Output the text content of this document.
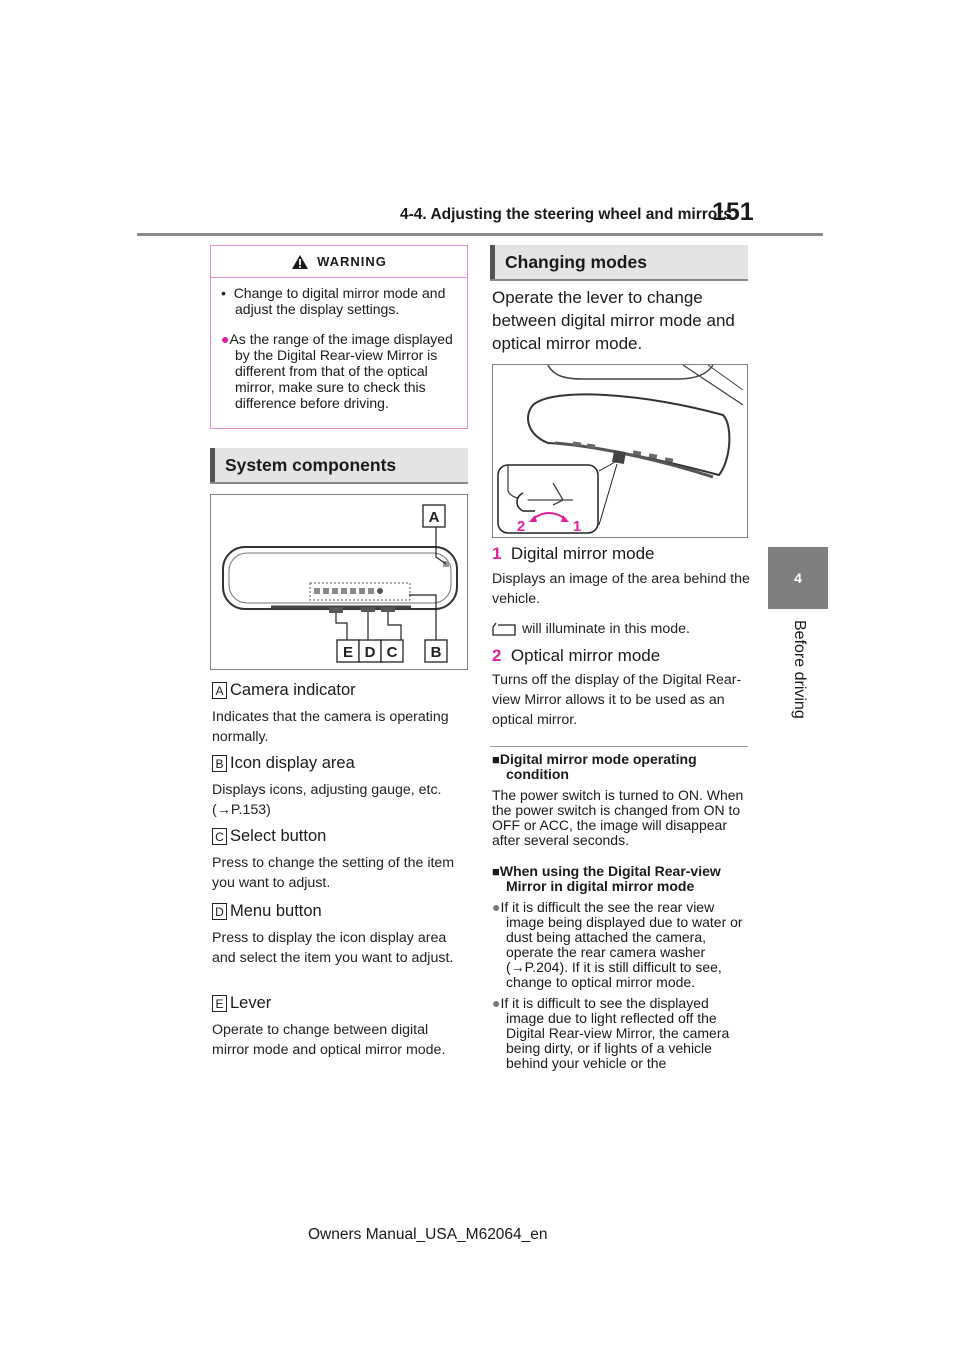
4-4. Adjusting the steering wheel and mirrors
151
4
Before driving
WARNING

•  Change to digital mirror mode and adjust the display settings.

●As the range of the image displayed by the Digital Rear-view Mirror is different from that of the optical mirror, make sure to check this difference before driving.

System components
A
E D C B
A Camera indicator
Indicates that the camera is operating normally.
B Icon display area
Displays icons, adjusting gauge, etc. (→P.153)
C Select button
Press to change the setting of the item you want to adjust.
D Menu button
Press to display the icon display area and select the item you want to adjust.
E Lever
Operate to change between digital mirror mode and optical mirror mode.
Changing modes
Operate the lever to change between digital mirror mode and optical mirror mode.
2	1
1 Digital mirror mode
Displays an image of the area behind the vehicle.
will illuminate in this mode.
2 Optical mirror mode
Turns off the display of the Digital Rear-view Mirror allows it to be used as an optical mirror.

■Digital mirror mode operating condition

The power switch is turned to ON. When the power switch is changed from ON to OFF or ACC, the image will disappear after several seconds.

■When using the Digital Rear-view Mirror in digital mirror mode

●If it is difficult the see the rear view image being displayed due to water or dust being attached the camera, operate the rear camera washer (→P.204). If it is still difficult to see, change to optical mirror mode.

●If it is difficult to see the displayed image due to light reflected off the Digital Rear-view Mirror, the camera being dirty, or if lights of a vehicle behind your vehicle or the

Owners Manual_USA_M62064_en
